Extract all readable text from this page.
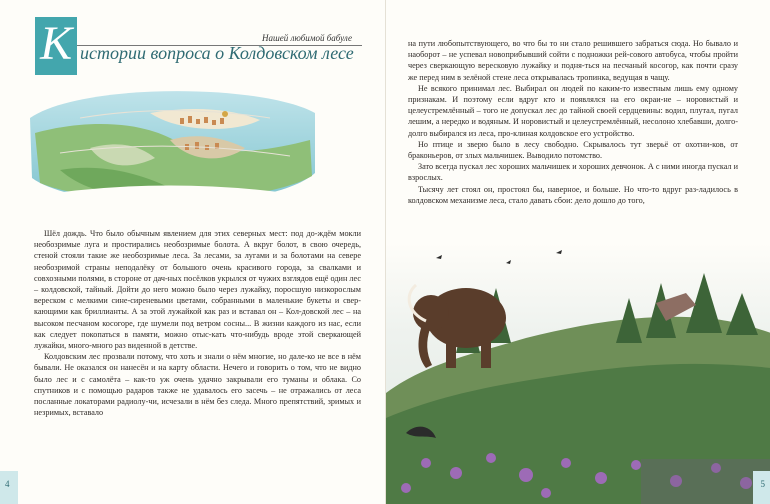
Нашей любимой бабуле
К истории вопроса о Колдовском лесе

Шёл дождь. Что было обычным явлением для этих северных мест: под до-ждём мокли необозримые луга и простирались необозримые болота. А вкруг болот, в свою очередь, стеной стояли такие же необозримые леса. За лесами, за лугами и за болотами на севере необозримой страны неподалёку от большого очень красивого города, за свалками и совхозными полями, в стороне от дач-ных посёлков укрылся от чужих взглядов ещё один лес – колдовской, тайный. Дойти до него можно было через лужайку, поросшую низкорослым вереском с мелкими сине-сиреневыми цветами, собранными в маленькие букеты и свер-кающими как бриллианты. А за этой лужайкой как раз и вставал он – Кол-довской лес – на высоком песчаном косогоре, где шумели под ветром сосны... В жизни каждого из нас, если как следует покопаться в памяти, можно отыс-кать что-нибудь вроде этой сверкающей лужайки, много-много раз виденной в детстве.

Колдовским лес прозвали потому, что хоть и знали о нём многие, но дале-ко не все в нём бывали. Не оказался он нанесён и на карту области. Нечего и говорить о том, что не видно было лес и с самолёта – как-то уж очень удачно закрывали его туманы и облака. Со спутников и с помощью радаров также не удавалось его засечь – не отражались от леса посланные локаторами радиолу-чи, исчезали в нём без следа. Много препятствий, зримых и незримых, вставало

4

на пути любопытствующего, во что бы то ни стало решившего забраться сюда. Но бывало и наоборот – не успевал новоприбывший сойти с подножки рей-сового автобуса, чтобы пройти через сверкающую вересковую лужайку и подня-ться на песчаный косогор, как почти сразу же перед ним в зелёной стене леса открывалась тропинка, ведущая в чащу.

Не всякого принимал лес. Выбирал он людей по каким-то известным лишь ему одному признакам. И поэтому если вдруг кто и появлялся на его окраи-не – норовистый и целеустремлённый – того не допускал лес до тайной своей сердцевины: водил, плутал, пугал лешим, а нередко и водяным. И норовистый и целеустремлённый, несолоно хлебавши, долго-долго выбирался из леса, про-клиная колдовское его устройство.

Но птице и зверю было в лесу свободно. Скрывалось тут зверьё от охотни-ков, от браконьеров, от злых мальчишек. Выводило потомство.

Зато всегда пускал лес хороших мальчишек и хороших девчонок. А с ними иногда пускал и взрослых.

Тысячу лет стоял он, простоял бы, наверное, и больше. Но что-то вдруг раз-ладилось в колдовском механизме леса, стало давать сбои: дело дошло до того,

5
